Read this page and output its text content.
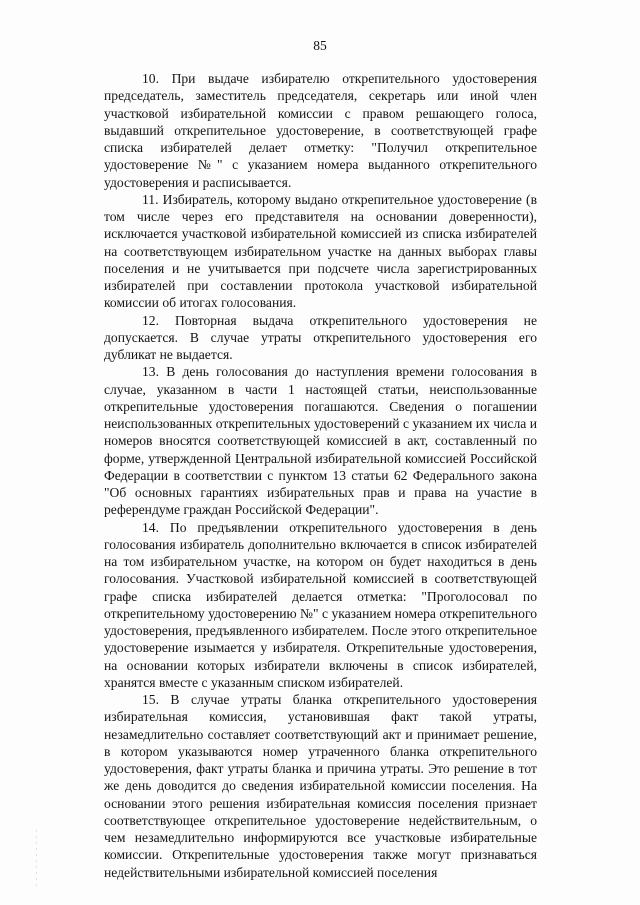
85

10. При выдаче избирателю открепительного удостоверения председатель, заместитель председателя, секретарь или иной член участковой избирательной комиссии с правом решающего голоса, выдавший открепительное удостоверение, в соответствующей графе списка избирателей делает отметку: "Получил открепительное удостоверение №" с указанием номера выданного открепительного удостоверения и расписывается.

11. Избиратель, которому выдано открепительное удостоверение (в том числе через его представителя на основании доверенности), исключается участковой избирательной комиссией из списка избирателей на соответствующем избирательном участке на данных выборах главы поселения и не учитывается при подсчете числа зарегистрированных избирателей при составлении протокола участковой избирательной комиссии об итогах голосования.

12. Повторная выдача открепительного удостоверения не допускается. В случае утраты открепительного удостоверения его дубликат не выдается.

13. В день голосования до наступления времени голосования в случае, указанном в части 1 настоящей статьи, неиспользованные открепительные удостоверения погашаются. Сведения о погашении неиспользованных открепительных удостоверений с указанием их числа и номеров вносятся соответствующей комиссией в акт, составленный по форме, утвержденной Центральной избирательной комиссией Российской Федерации в соответствии с пунктом 13 статьи 62 Федерального закона "Об основных гарантиях избирательных прав и права на участие в референдуме граждан Российской Федерации".

14. По предъявлении открепительного удостоверения в день голосования избиратель дополнительно включается в список избирателей на том избирательном участке, на котором он будет находиться в день голосования. Участковой избирательной комиссией в соответствующей графе списка избирателей делается отметка: "Проголосовал по открепительному удостоверению №" с указанием номера открепительного удостоверения, предъявленного избирателем. После этого открепительное удостоверение изымается у избирателя. Открепительные удостоверения, на основании которых избиратели включены в список избирателей, хранятся вместе с указанным списком избирателей.

15. В случае утраты бланка открепительного удостоверения избирательная комиссия, установившая факт такой утраты, незамедлительно составляет соответствующий акт и принимает решение, в котором указываются номер утраченного бланка открепительного удостоверения, факт утраты бланка и причина утраты. Это решение в тот же день доводится до сведения избирательной комиссии поселения. На основании этого решения избирательная комиссия поселения признает соответствующее открепительное удостоверение недействительным, о чем незамедлительно информируются все участковые избирательные комиссии. Открепительные удостоверения также могут признаваться недействительными избирательной комиссией поселения
